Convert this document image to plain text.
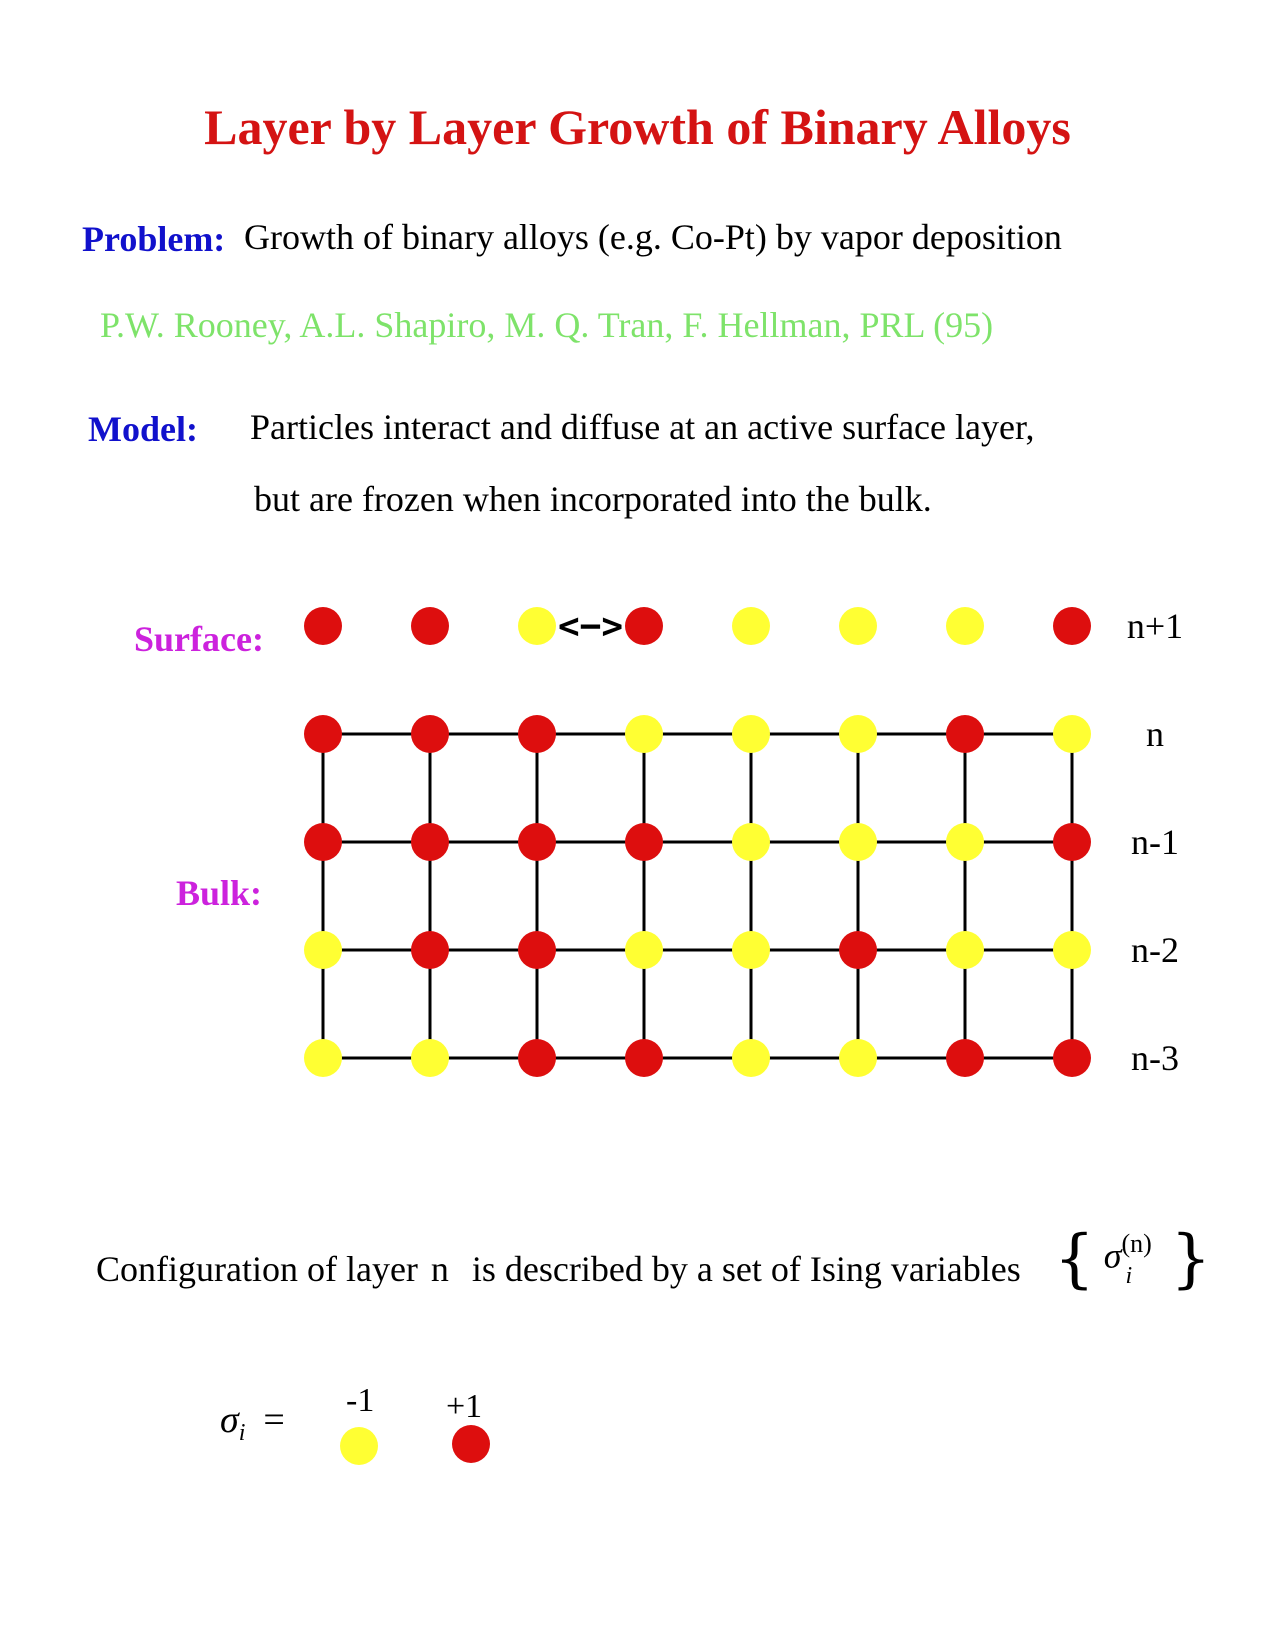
Layer by Layer Growth of Binary Alloys
Problem: Growth of binary alloys (e.g. Co-Pt) by vapor deposition
P.W. Rooney, A.L. Shapiro, M. Q. Tran, F. Hellman, PRL (95)
Model: Particles interact and diffuse at an active surface layer,
but are frozen when incorporated into the bulk.
Surface:
Bulk:
<−>	n+1
n
n-1
n-2
n-3
Configuration of layer n is described by a set of Ising variables { σ (n)
i }
$\sigma_i = -1 +1$
